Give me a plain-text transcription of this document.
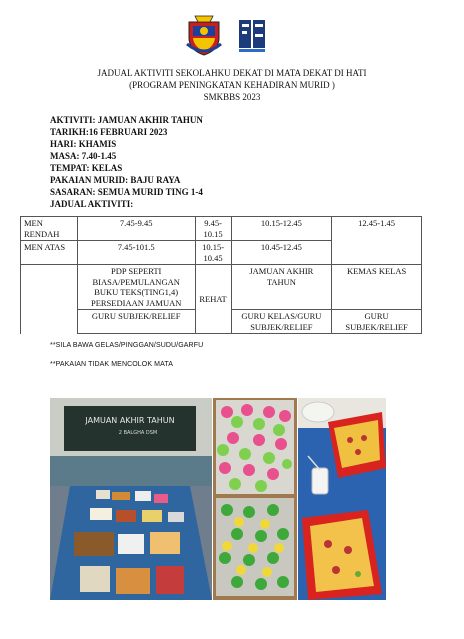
JADUAL AKTIVITI SEKOLAHKU DEKAT DI MATA DEKAT DI HATI
(PROGRAM PENINGKATAN KEHADIRAN MURID )
SMKBBS 2023
AKTIVITI: JAMUAN AKHIR TAHUN
TARIKH:16 FEBRUARI 2023
HARI: KHAMIS
MASA: 7.40-1.45
TEMPAT: KELAS
PAKAIAN MURID: BAJU RAYA
SASARAN: SEMUA MURID TING 1-4
JADUAL AKTIVITI:
MEN RENDAH	7.45-9.45	9.45-10.15	10.15-12.45	12.45-1.45
MEN ATAS	7.45-101.5	10.15-10.45	10.45-12.45	
	PDP SEPERTI BIASA/PEMULANGAN BUKU TEKS(TING1,4) PERSEDIAAN JAMUAN	REHAT	JAMUAN AKHIR TAHUN	KEMAS KELAS
	GURU SUBJEK/RELIEF		GURU KELAS/GURU SUBJEK/RELIEF	GURU SUBJEK/RELIEF
**SILA BAWA GELAS/PINGGAN/SUDU/GARFU
**PAKAIAN TIDAK MENCOLOK MATA
JAMUAN AKHIR TAHUN
2 BALGHA DSM
